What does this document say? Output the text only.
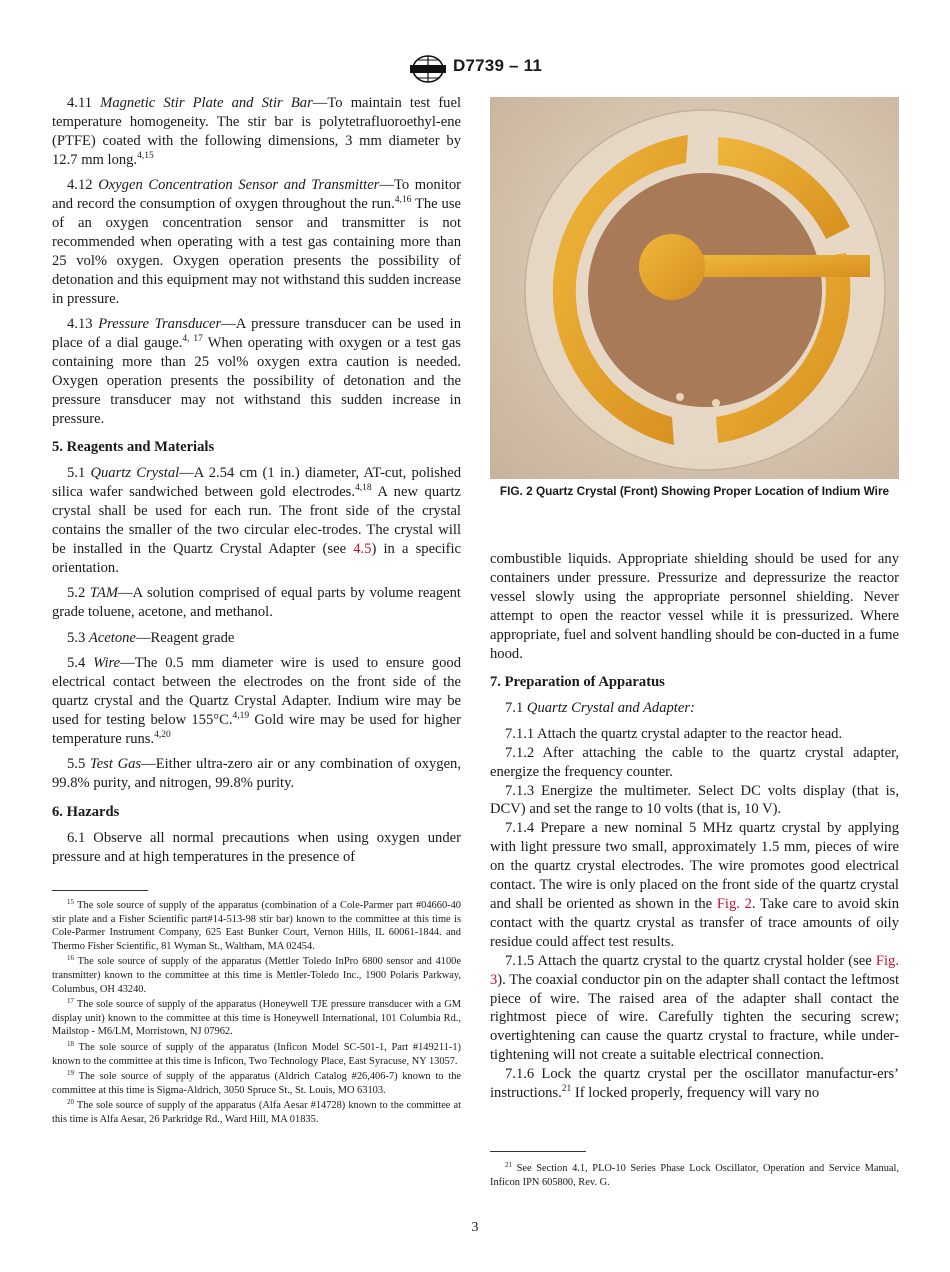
D7739 – 11

4.11 Magnetic Stir Plate and Stir Bar—To maintain test fuel temperature homogeneity. The stir bar is polytetrafluoroethyl-ene (PTFE) coated with the following dimensions, 3 mm diameter by 12.7 mm long.$^{4,15}$

4.12 Oxygen Concentration Sensor and Transmitter—To monitor and record the consumption of oxygen throughout the run.$^{4,16}$ The use of an oxygen concentration sensor and transmitter is not recommended when operating with a test gas containing more than 25 vol% oxygen. Oxygen operation presents the possibility of detonation and this equipment may not withstand this sudden increase in pressure.

4.13 Pressure Transducer—A pressure transducer can be used in place of a dial gauge.$^{4, 17}$ When operating with oxygen or a test gas containing more than 25 vol% oxygen extra caution is needed. Oxygen operation presents the possibility of detonation and the pressure transducer may not withstand this sudden increase in pressure.

5. Reagents and Materials

5.1 Quartz Crystal—A 2.54 cm (1 in.) diameter, AT-cut, polished silica wafer sandwiched between gold electrodes.$^{4,18}$ A new quartz crystal shall be used for each run. The front side of the crystal contains the smaller of the two circular elec-trodes. The crystal will be installed in the Quartz Crystal Adapter (see 4.5) in a specific orientation.

5.2 TAM—A solution comprised of equal parts by volume reagent grade toluene, acetone, and methanol.

5.3 Acetone—Reagent grade

5.4 Wire—The 0.5 mm diameter wire is used to ensure good electrical contact between the electrodes on the front side of the quartz crystal and the Quartz Crystal Adapter. Indium wire may be used for testing below 155°C.$^{4,19}$ Gold wire may be used for higher temperature runs.$^{4,20}$

5.5 Test Gas—Either ultra-zero air or any combination of oxygen, 99.8% purity, and nitrogen, 99.8% purity.

6. Hazards

6.1 Observe all normal precautions when using oxygen under pressure and at high temperatures in the presence of

$^{15}$ The sole source of supply of the apparatus (combination of a Cole-Parmer part #04660-40 stir plate and a Fisher Scientific part#14-513-98 stir bar) known to the committee at this time is Cole-Parmer Instrument Company, 625 East Bunker Court, Vernon Hills, IL 60061-1844. and Thermo Fisher Scientific, 81 Wyman St., Waltham, MA 02454.

$^{16}$ The sole source of supply of the apparatus (Mettler Toledo InPro 6800 sensor and 4100e transmitter) known to the committee at this time is Mettler-Toledo Inc., 1900 Polaris Parkway, Columbus, OH 43240.

$^{17}$ The sole source of supply of the apparatus (Honeywell TJE pressure transducer with a GM display unit) known to the committee at this time is Honeywell International, 101 Columbia Rd., Mailstop - M6/LM, Morristown, NJ 07962.

$^{18}$ The sole source of supply of the apparatus (Inficon Model SC-501-1, Part #149211-1) known to the committee at this time is Inficon, Two Technology Place, East Syracuse, NY 13057.

$^{19}$ The sole source of supply of the apparatus (Aldrich Catalog #26,406-7) known to the committee at this time is Sigma-Aldrich, 3050 Spruce St., St. Louis, MO 63103.

$^{20}$ The sole source of supply of the apparatus (Alfa Aesar #14728) known to the committee at this time is Alfa Aesar, 26 Parkridge Rd., Ward Hill, MA 01835.

FIG. 2 Quartz Crystal (Front) Showing Proper Location of Indium Wire

combustible liquids. Appropriate shielding should be used for any containers under pressure. Pressurize and depressurize the reactor vessel slowly using the appropriate personnel shielding. Never attempt to open the reactor vessel while it is pressurized. Where appropriate, fuel and solvent handling should be con-ducted in a fume hood.

7. Preparation of Apparatus

7.1 Quartz Crystal and Adapter:

7.1.1 Attach the quartz crystal adapter to the reactor head.

7.1.2 After attaching the cable to the quartz crystal adapter, energize the frequency counter.

7.1.3 Energize the multimeter. Select DC volts display (that is, DCV) and set the range to 10 volts (that is, 10 V).

7.1.4 Prepare a new nominal 5 MHz quartz crystal by applying with light pressure two small, approximately 1.5 mm, pieces of wire on the quartz crystal electrodes. The wire promotes good electrical contact. The wire is only placed on the front side of the quartz crystal and shall be oriented as shown in the Fig. 2. Take care to avoid skin contact with the quartz crystal as transfer of trace amounts of oily residue could affect test results.

7.1.5 Attach the quartz crystal to the quartz crystal holder (see Fig. 3). The coaxial conductor pin on the adapter shall contact the leftmost piece of wire. The raised area of the adapter shall contact the rightmost piece of wire. Carefully tighten the securing screw; overtightening can cause the quartz crystal to fracture, while under-tightening will not create a suitable electrical connection.

7.1.6 Lock the quartz crystal per the oscillator manufactur-ers’ instructions.$^{21}$ If locked properly, frequency will vary no

$^{21}$ See Section 4.1, PLO-10 Series Phase Lock Oscillator, Operation and Service Manual, Inficon IPN 605800, Rev. G.

3
